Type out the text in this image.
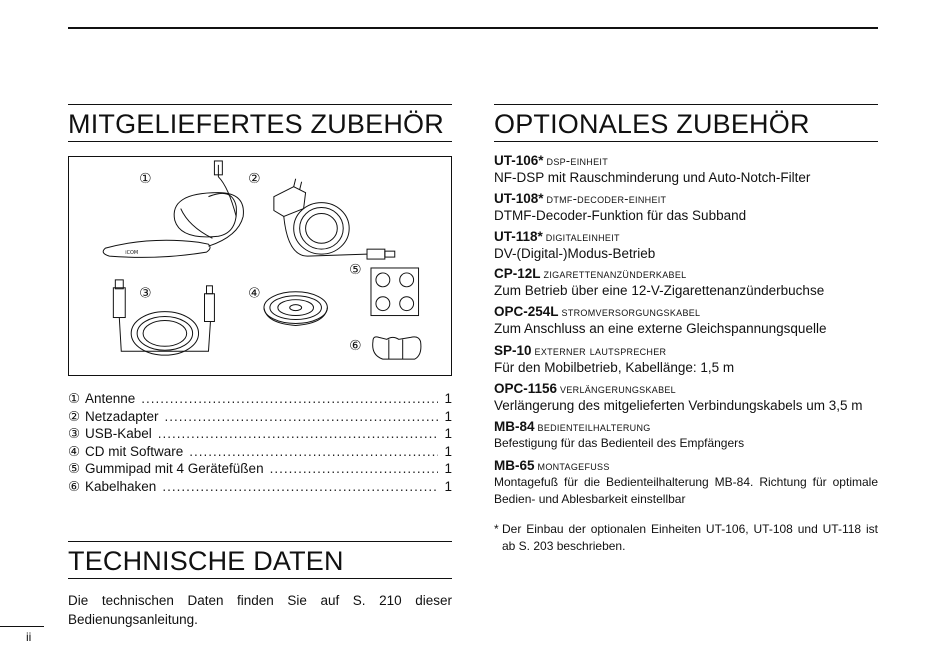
MITGELIEFERTES ZUBEHÖR
①	②
③	④
⑤
⑥
iCOM
① Antenne .....	1
② Netzadapter .....	1
③ USB-Kabel .....	1
④ CD mit Software .....	1
⑤ Gummipad mit 4 Gerätefüßen .....	1
⑥ Kabelhaken .....	1
TECHNISCHE DATEN
Die technischen Daten finden Sie auf S. 210 dieser Bedienungsanleitung.
OPTIONALES ZUBEHÖR
UT-106* dsp-einheit
NF-DSP mit Rauschminderung und Auto-Notch-Filter
UT-108* dtmf-decoder-einheit
DTMF-Decoder-Funktion für das Subband
UT-118* digitaleinheit
DV-(Digital-)Modus-Betrieb
CP-12L zigarettenanzünderkabel
Zum Betrieb über eine 12-V-Zigarettenanzünderbuchse
OPC-254L stromversorgungskabel
Zum Anschluss an eine externe Gleichspannungsquelle
SP-10 externer lautsprecher
Für den Mobilbetrieb, Kabellänge: 1,5 m
OPC-1156 verlängerungskabel
Verlängerung des mitgelieferten Verbindungskabels um 3,5 m
MB-84 bedienteilhalterung
Befestigung für das Bedienteil des Empfängers
MB-65 montagefuss
Montagefuß für die Bedienteilhalterung MB-84. Richtung für optimale Bedien- und Ablesbarkeit einstellbar
* Der Einbau der optionalen Einheiten UT-106, UT-108 und UT-118 ist ab S. 203 beschrieben.
ii
